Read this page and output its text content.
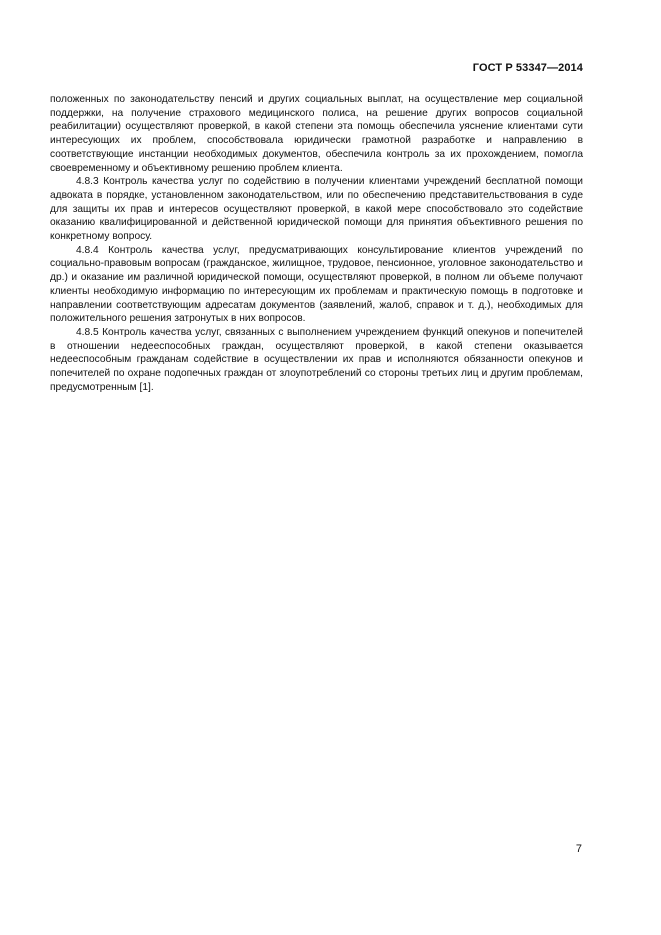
ГОСТ Р 53347—2014

положенных по законодательству пенсий и других социальных выплат, на осуществление мер социальной поддержки, на получение страхового медицинского полиса, на решение других вопросов социальной реабилитации) осуществляют проверкой, в какой степени эта помощь обеспечила уяснение клиентами сути интересующих их проблем, способствовала юридически грамотной разработке и направлению в соответствующие инстанции необходимых документов, обеспечила контроль за их прохождением, помогла своевременному и объективному решению проблем клиента.

4.8.3 Контроль качества услуг по содействию в получении клиентами учреждений бесплатной помощи адвоката в порядке, установленном законодательством, или по обеспечению представительствования в суде для защиты их прав и интересов осуществляют проверкой, в какой мере способствовало это содействие оказанию квалифицированной и действенной юридической помощи для принятия объективного решения по конкретному вопросу.

4.8.4 Контроль качества услуг, предусматривающих консультирование клиентов учреждений по социально-правовым вопросам (гражданское, жилищное, трудовое, пенсионное, уголовное законодательство и др.) и оказание им различной юридической помощи, осуществляют проверкой, в полном ли объеме получают клиенты необходимую информацию по интересующим их проблемам и практическую помощь в подготовке и направлении соответствующим адресатам документов (заявлений, жалоб, справок и т. д.), необходимых для положительного решения затронутых в них вопросов.

4.8.5 Контроль качества услуг, связанных с выполнением учреждением функций опекунов и попечителей в отношении недееспособных граждан, осуществляют проверкой, в какой степени оказывается недееспособным гражданам содействие в осуществлении их прав и исполняются обязанности опекунов и попечителей по охране подопечных граждан от злоупотреблений со стороны третьих лиц и другим проблемам, предусмотренным [1].

7
